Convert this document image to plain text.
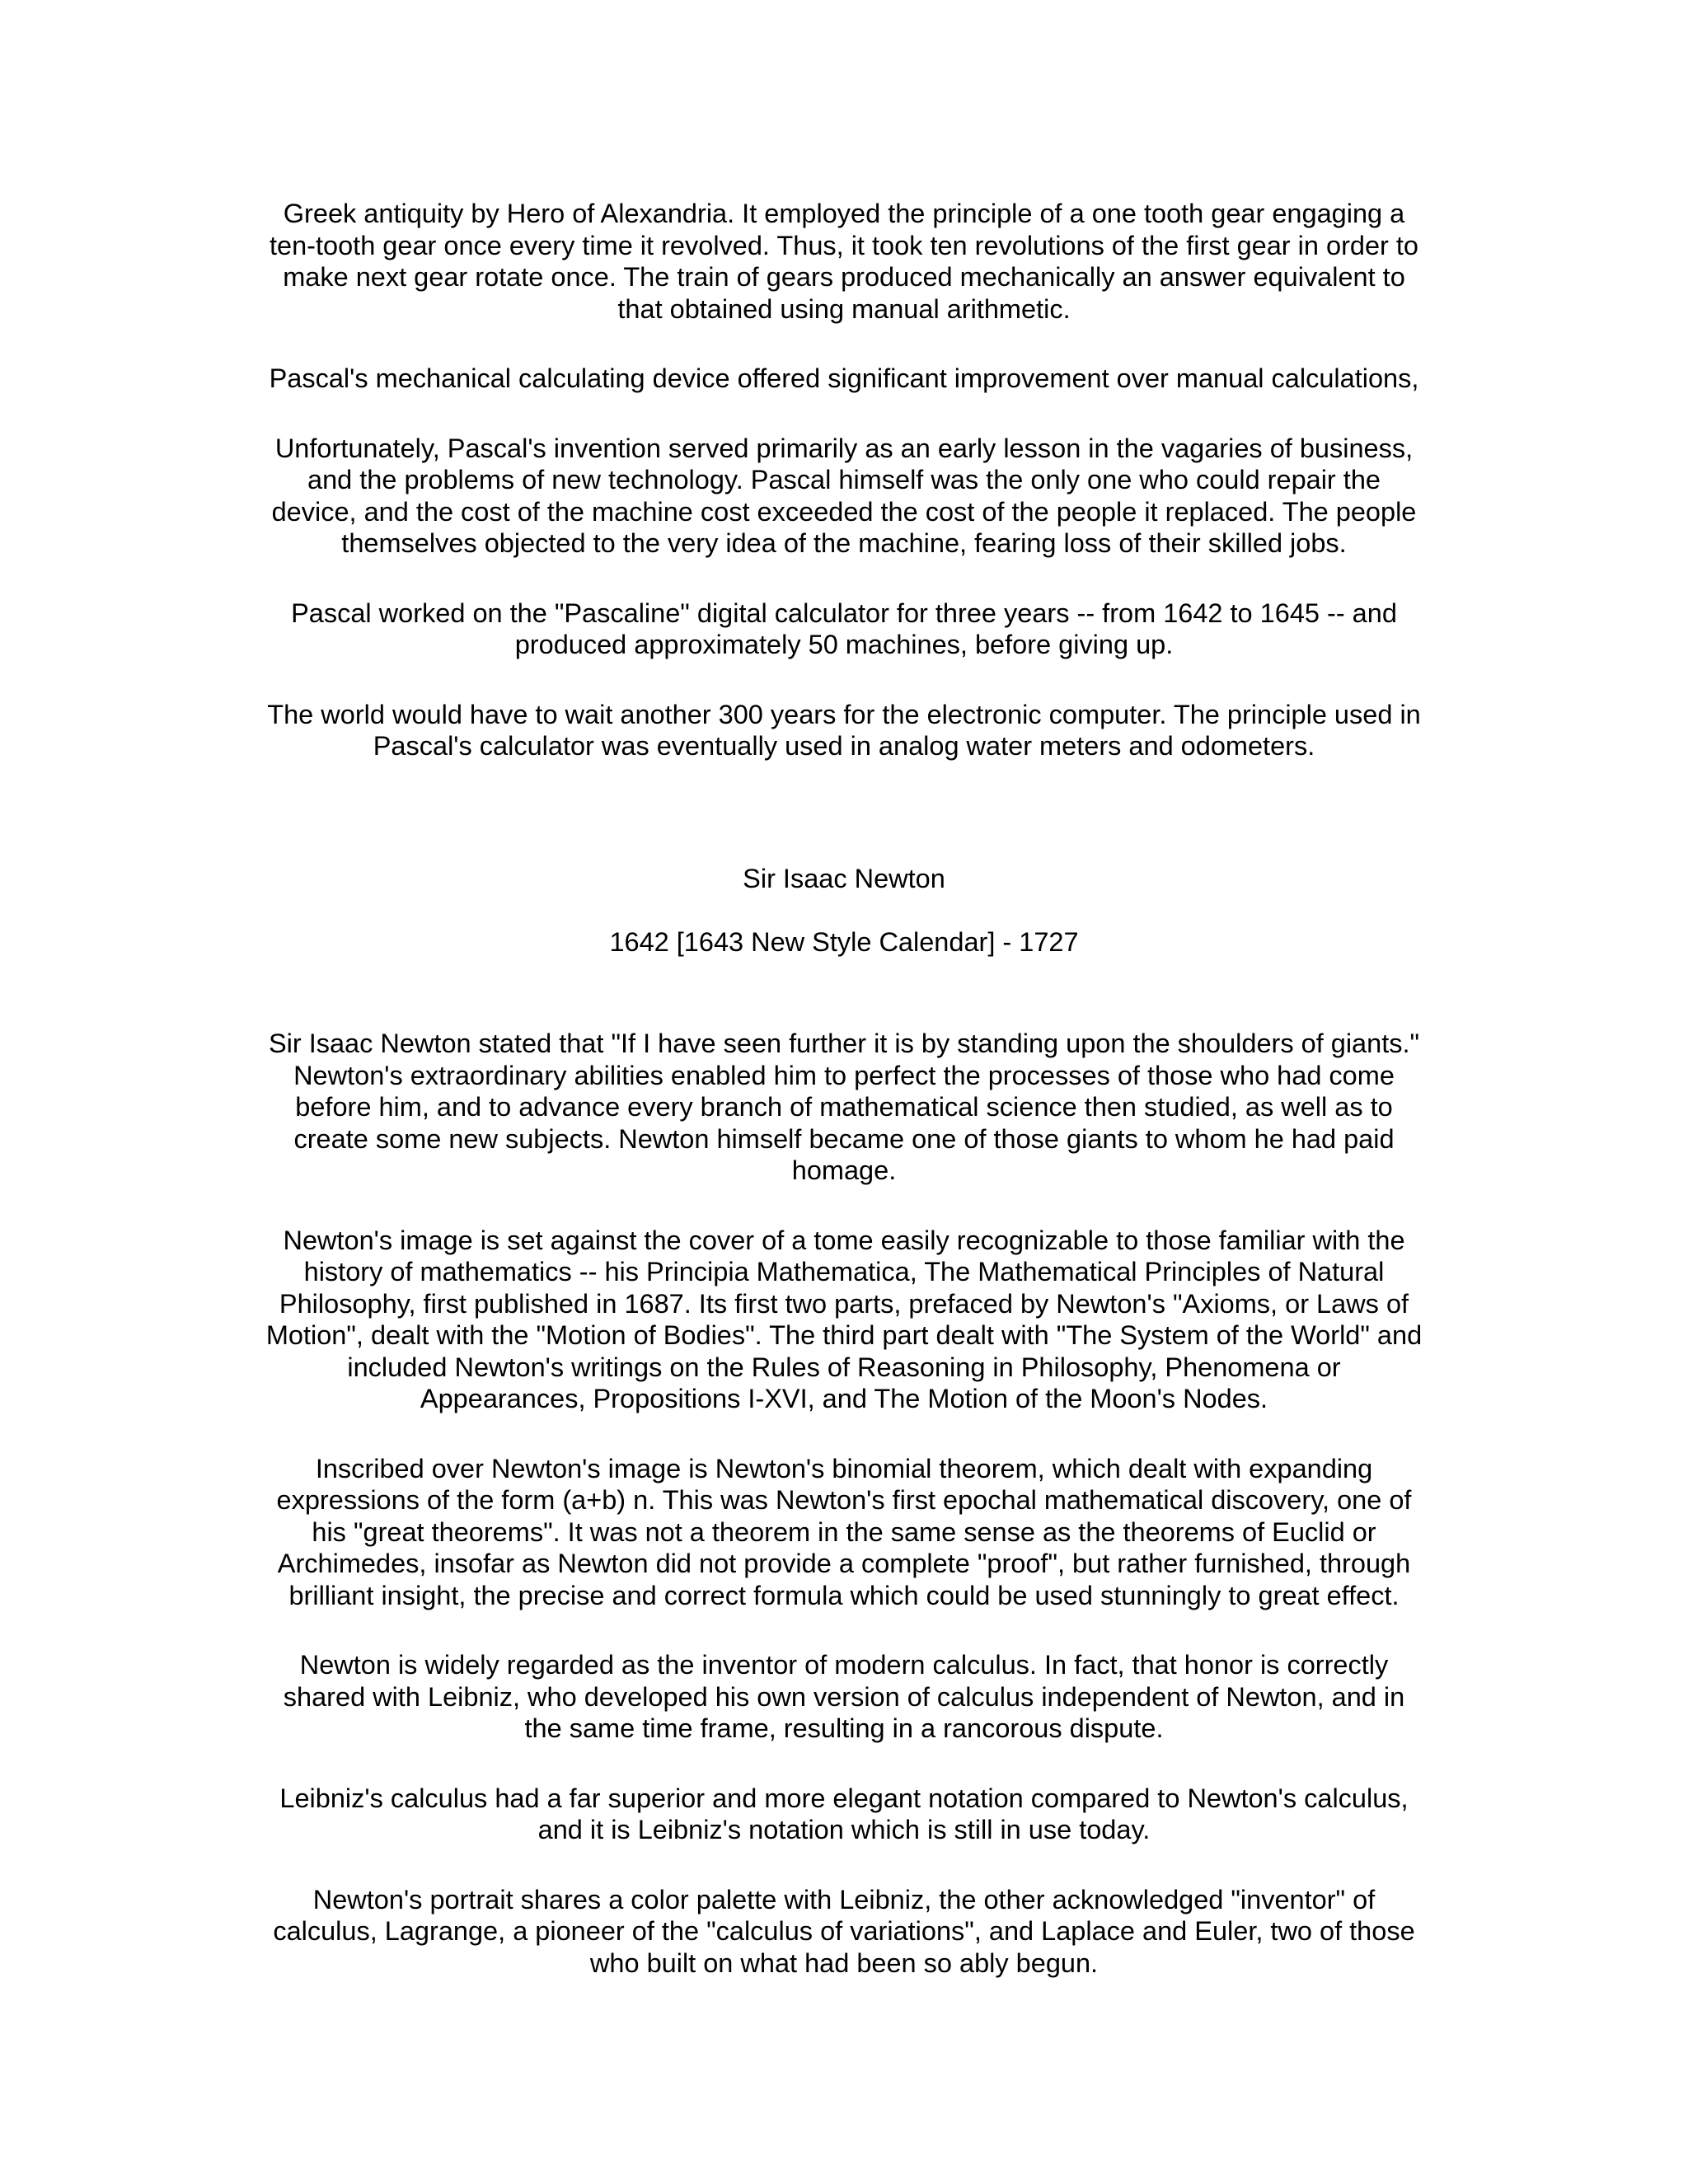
Greek antiquity by Hero of Alexandria. It employed the principle of a one tooth gear engaging a
ten-tooth gear once every time it revolved. Thus, it took ten revolutions of the first gear in order to
make next gear rotate once. The train of gears produced mechanically an answer equivalent to
that obtained using manual arithmetic.

Pascal's mechanical calculating device offered significant improvement over manual calculations,

Unfortunately, Pascal's invention served primarily as an early lesson in the vagaries of business,
and the problems of new technology. Pascal himself was the only one who could repair the
device, and the cost of the machine cost exceeded the cost of the people it replaced. The people
themselves objected to the very idea of the machine, fearing loss of their skilled jobs.

Pascal worked on the "Pascaline" digital calculator for three years -- from 1642 to 1645 -- and
produced approximately 50 machines, before giving up.

The world would have to wait another 300 years for the electronic computer. The principle used in
Pascal's calculator was eventually used in analog water meters and odometers.

Sir Isaac Newton

1642 [1643 New Style Calendar] - 1727

Sir Isaac Newton stated that "If I have seen further it is by standing upon the shoulders of giants."
Newton's extraordinary abilities enabled him to perfect the processes of those who had come
before him, and to advance every branch of mathematical science then studied, as well as to
create some new subjects. Newton himself became one of those giants to whom he had paid
homage.

Newton's image is set against the cover of a tome easily recognizable to those familiar with the
history of mathematics -- his Principia Mathematica, The Mathematical Principles of Natural
Philosophy, first published in 1687. Its first two parts, prefaced by Newton's "Axioms, or Laws of
Motion", dealt with the "Motion of Bodies". The third part dealt with "The System of the World" and
included Newton's writings on the Rules of Reasoning in Philosophy, Phenomena or
Appearances, Propositions I-XVI, and The Motion of the Moon's Nodes.

Inscribed over Newton's image is Newton's binomial theorem, which dealt with expanding
expressions of the form (a+b) n. This was Newton's first epochal mathematical discovery, one of
his "great theorems". It was not a theorem in the same sense as the theorems of Euclid or
Archimedes, insofar as Newton did not provide a complete "proof", but rather furnished, through
brilliant insight, the precise and correct formula which could be used stunningly to great effect.

Newton is widely regarded as the inventor of modern calculus. In fact, that honor is correctly
shared with Leibniz, who developed his own version of calculus independent of Newton, and in
the same time frame, resulting in a rancorous dispute.

Leibniz's calculus had a far superior and more elegant notation compared to Newton's calculus,
and it is Leibniz's notation which is still in use today.

Newton's portrait shares a color palette with Leibniz, the other acknowledged "inventor" of
calculus, Lagrange, a pioneer of the "calculus of variations", and Laplace and Euler, two of those
who built on what had been so ably begun.
